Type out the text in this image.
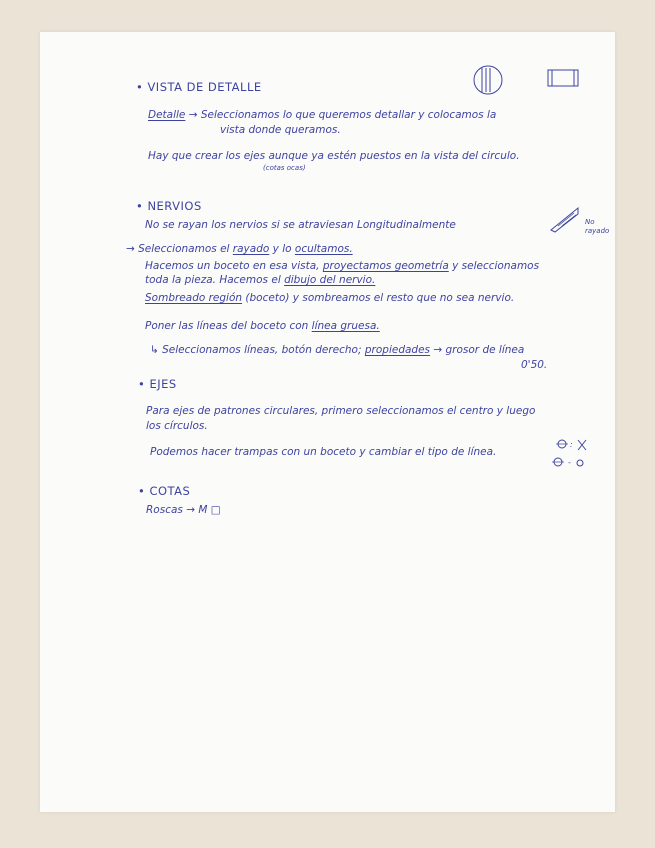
• VISTA DE DETALLE
Detalle → Seleccionamos lo que queremos detallar y colocamos la
vista donde queramos.
Hay que crear los ejes aunque ya estén puestos en la vista del circulo.
(cotas ocas)
• NERVIOS
No se rayan los nervios si se atraviesan Longitudinalmente	No rayado
→ Seleccionamos el rayado y lo ocultamos.
Hacemos un boceto en esa vista, proyectamos geometría y seleccionamos
toda la pieza. Hacemos el dibujo del nervio.
Sombreado región (boceto) y sombreamos el resto que no sea nervio.
Poner las líneas del boceto con línea gruesa.
↳ Seleccionamos líneas, botón derecho; propiedades → grosor de línea
0'50.
• EJES
Para ejes de patrones circulares, primero seleccionamos el centro y luego
los círculos.
Podemos hacer trampas con un boceto y cambiar el tipo de línea.
:
-
• COTAS
Roscas → M □
